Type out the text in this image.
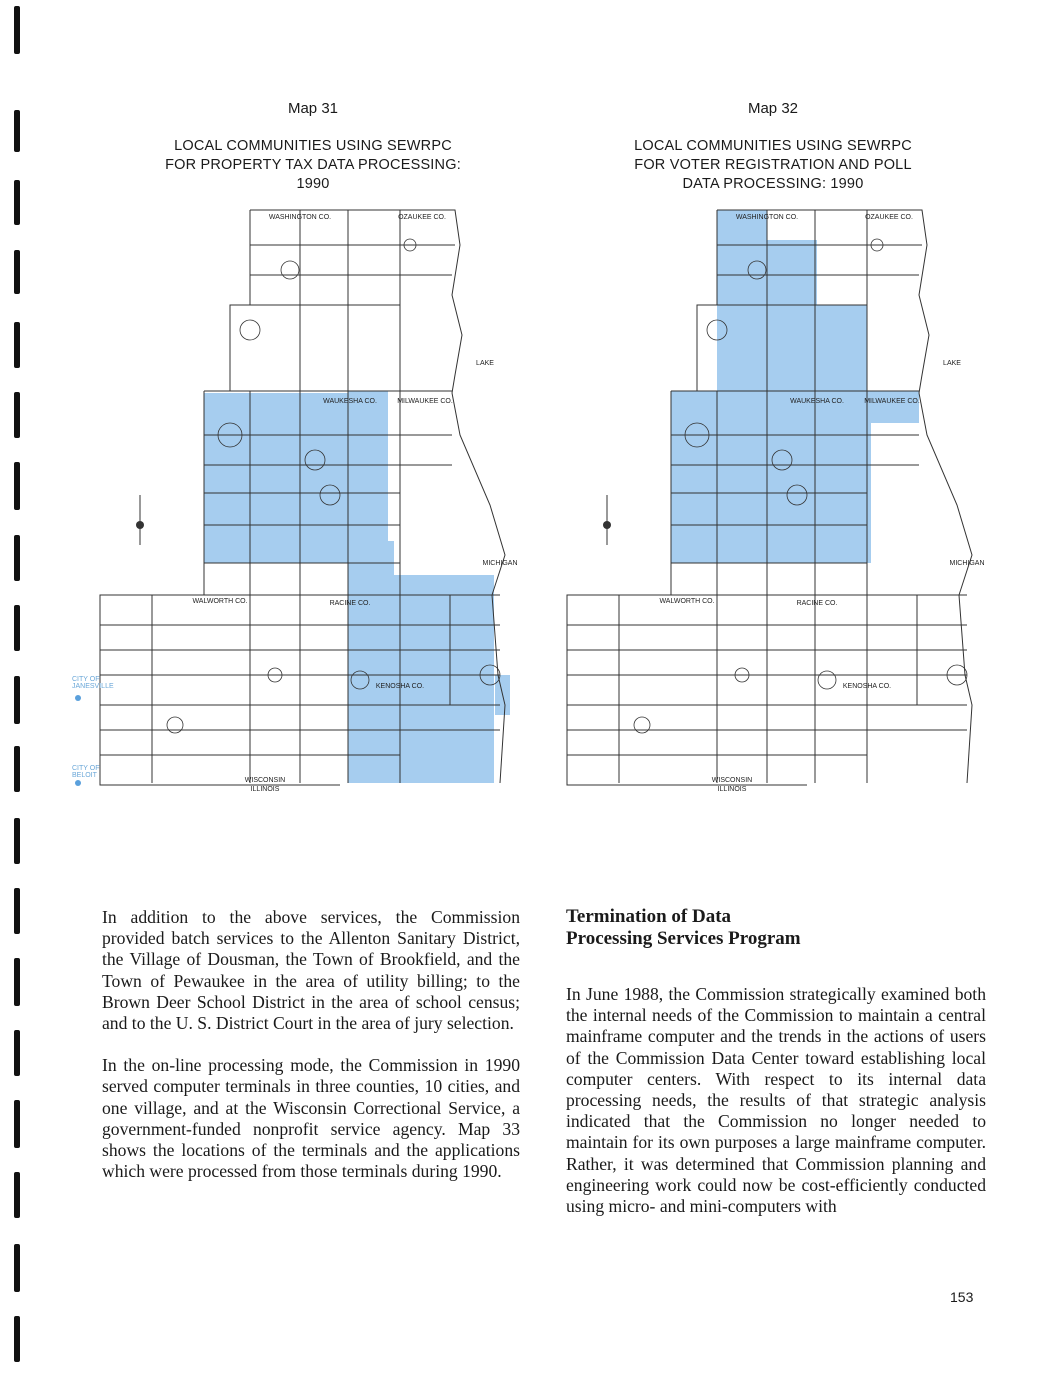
Map 31
LOCAL COMMUNITIES USING SEWRPC
FOR PROPERTY TAX DATA PROCESSING: 1990
Map 32
LOCAL COMMUNITIES USING SEWRPC
FOR VOTER REGISTRATION AND POLL
DATA PROCESSING: 1990
WASHINGTON CO.	OZAUKEE CO.
WAUKESHA CO.	MILWAUKEE CO.
RACINE CO.
WALWORTH CO.
KENOSHA CO.
WISCONSIN
ILLINOIS
LAKE
MICHIGAN
CITY OF JANESVILLE
CITY OF BELOIT
WASHINGTON CO.	OZAUKEE CO.
WAUKESHA CO.	MILWAUKEE CO.
RACINE CO.
WALWORTH CO.
KENOSHA CO.
WISCONSIN
ILLINOIS
LAKE
MICHIGAN

In addition to the above services, the Commission provided batch services to the Allenton Sanitary District, the Village of Dousman, the Town of Brookfield, and the Town of Pewaukee in the area of utility billing; to the Brown Deer School District in the area of school census; and to the U. S. District Court in the area of jury selection.

In the on-line processing mode, the Commission in 1990 served computer terminals in three counties, 10 cities, and one village, and at the Wisconsin Correctional Service, a government-funded nonprofit service agency. Map 33 shows the locations of the terminals and the applications which were processed from those terminals during 1990.

Termination of Data
Processing Services Program

In June 1988, the Commission strategically examined both the internal needs of the Commission to maintain a central mainframe computer and the trends in the actions of users of the Commission Data Center toward establishing local computer centers. With respect to its internal data processing needs, the results of that strategic analysis indicated that the Commission no longer needed to maintain for its own purposes a large mainframe computer. Rather, it was determined that Commission planning and engineering work could now be cost-efficiently conducted using micro- and mini-computers with

153
